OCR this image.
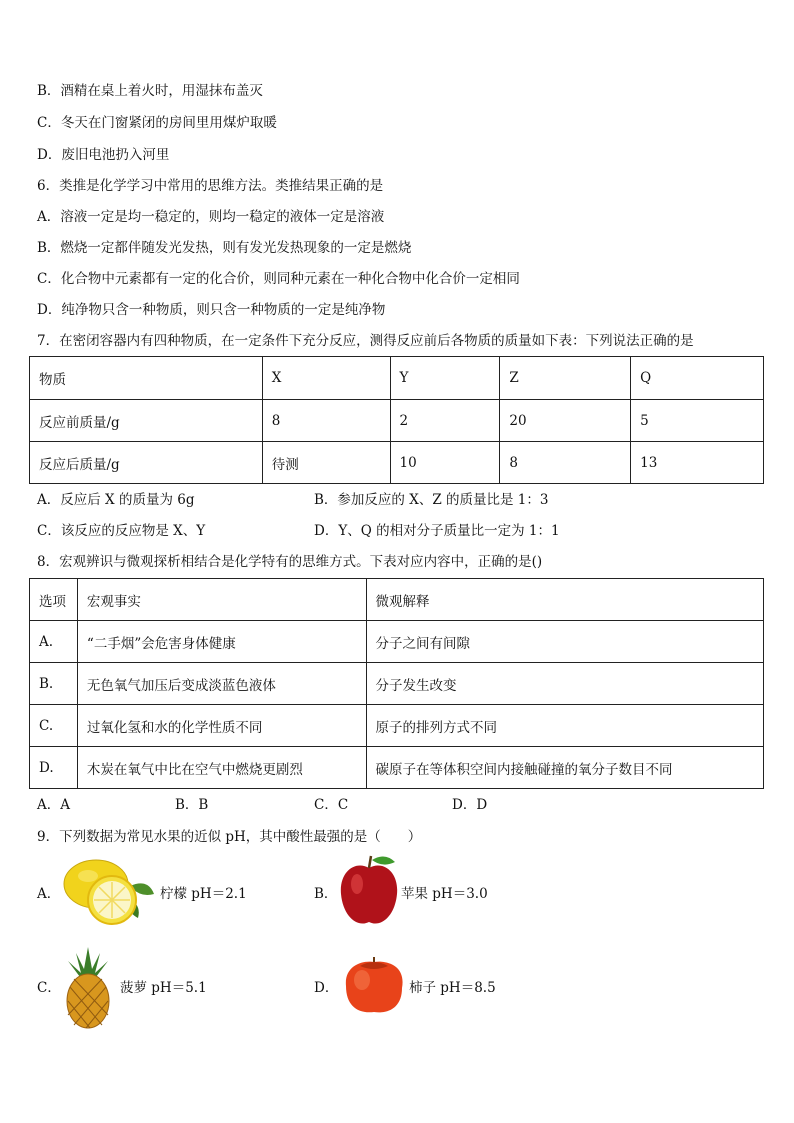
B．酒精在桌上着火时，用湿抹布盖灭
C．冬天在门窗紧闭的房间里用煤炉取暖
D．废旧电池扔入河里
6．类推是化学学习中常用的思维方法。类推结果正确的是
A．溶液一定是均一稳定的，则均一稳定的液体一定是溶液
B．燃烧一定都伴随发光发热，则有发光发热现象的一定是燃烧
C．化合物中元素都有一定的化合价，则同种元素在一种化合物中化合价一定相同
D．纯净物只含一种物质，则只含一种物质的一定是纯净物
7．在密闭容器内有四种物质，在一定条件下充分反应，测得反应前后各物质的质量如下表：下列说法正确的是
物质	X	Y	Z	Q
反应前质量/g	8	2	20	5
反应后质量/g	待测	10	8	13
A．反应后 X 的质量为 6g	B．参加反应的 X、Z 的质量比是 1：3
C．该反应的反应物是 X、Y	D．Y、Q 的相对分子质量比一定为 1：1
8．宏观辨识与微观探析相结合是化学特有的思维方式。下表对应内容中，正确的是()
选项	宏观事实	微观解释
A.	“二手烟”会危害身体健康	分子之间有间隙
B.	无色氧气加压后变成淡蓝色液体	分子发生改变
C.	过氧化氢和水的化学性质不同	原子的排列方式不同
D.	木炭在氧气中比在空气中燃烧更剧烈	碳原子在等体积空间内接触碰撞的氧分子数目不同
A．A	B．B	C．C	D．D
9．下列数据为常见水果的近似 pH，其中酸性最强的是（　　）
A．	柠檬 pH＝2.1	B．	苹果 pH＝3.0
C．	菠萝 pH＝5.1	D．	柿子 pH＝8.5
